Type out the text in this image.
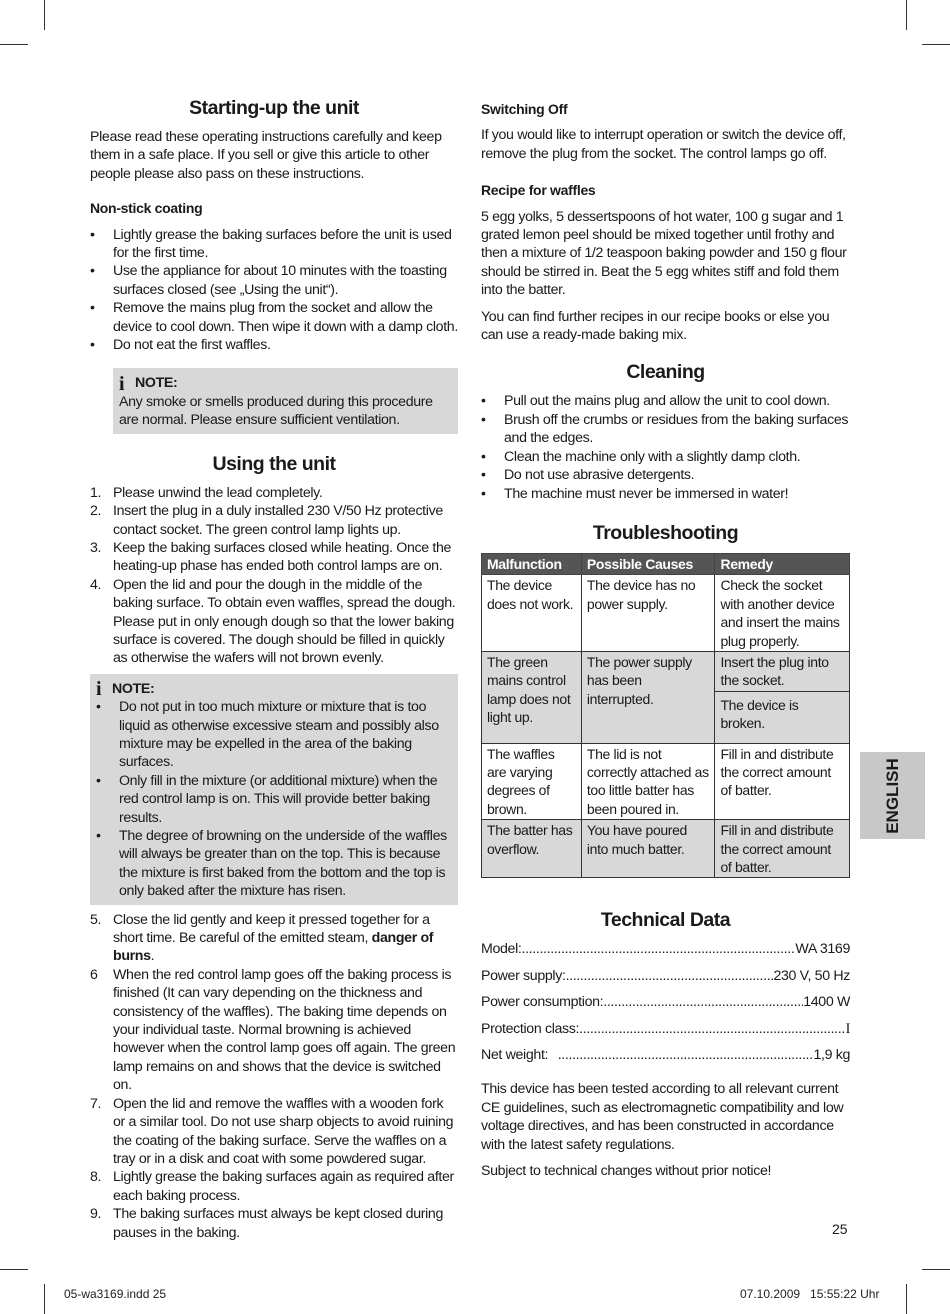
Starting-up the unit

Please read these operating instructions carefully and keep them in a safe place. If you sell or give this article to other people please also pass on these instructions.

Non-stick coating
• Lightly grease the baking surfaces before the unit is used for the first time.
• Use the appliance for about 10 minutes with the toasting surfaces closed (see „Using the unit“).
• Remove the mains plug from the socket and allow the device to cool down. Then wipe it down with a damp cloth.
• Do not eat the first waffles.
i NOTE:
Any smoke or smells produced during this procedure are normal. Please ensure sufficient ventilation.
Using the unit
1. Please unwind the lead completely.
2. Insert the plug in a duly installed 230 V/50 Hz protective contact socket. The green control lamp lights up.
3. Keep the baking surfaces closed while heating. Once the heating-up phase has ended both control lamps are on.
4. Open the lid and pour the dough in the middle of the baking surface. To obtain even waffles, spread the dough. Please put in only enough dough so that the lower baking surface is covered. The dough should be filled in quickly as otherwise the wafers will not brown evenly.
i NOTE:
• Do not put in too much mixture or mixture that is too liquid as otherwise excessive steam and possibly also mixture may be expelled in the area of the baking surfaces.
• Only fill in the mixture (or additional mixture) when the red control lamp is on. This will provide better baking results.
• The degree of browning on the underside of the waffles will always be greater than on the top. This is because the mixture is first baked from the bottom and the top is only baked after the mixture has risen.
5. Close the lid gently and keep it pressed together for a short time. Be careful of the emitted steam, danger of burns.
6 When the red control lamp goes off the baking process is finished (It can vary depending on the thickness and consistency of the waffles). The baking time depends on your individual taste. Normal browning is achieved however when the control lamp goes off again. The green lamp remains on and shows that the device is switched on.
7. Open the lid and remove the waffles with a wooden fork or a similar tool. Do not use sharp objects to avoid ruining the coating of the baking surface. Serve the waffles on a tray or in a disk and coat with some powdered sugar.
8. Lightly grease the baking surfaces again as required after each baking process.
9. The baking surfaces must always be kept closed during pauses in the baking.
Switching Off

If you would like to interrupt operation or switch the device off, remove the plug from the socket. The control lamps go off.

Recipe for waffles

5 egg yolks, 5 dessertspoons of hot water, 100 g sugar and 1 grated lemon peel should be mixed together until frothy and then a mixture of 1/2 teaspoon baking powder and 150 g flour should be stirred in. Beat the 5 egg whites stiff and fold them into the batter.

You can find further recipes in our recipe books or else you can use a ready-made baking mix.

Cleaning
• Pull out the mains plug and allow the unit to cool down.
• Brush off the crumbs or residues from the baking surfaces and the edges.
• Clean the machine only with a slightly damp cloth.
• Do not use abrasive detergents.
• The machine must never be immersed in water!
Troubleshooting
Malfunction	Possible Causes	Remedy
The device does not work.	The device has no power supply.	Check the socket with another device and insert the mains plug properly.
The green mains control lamp does not light up.	The power supply has been interrupted.	Insert the plug into the socket.
		The device is broken.
The waffles are varying degrees of brown.	The lid is not correctly attached as too little batter has been poured in.	Fill in and distribute the correct amount of batter.
The batter has overflow.	You have poured into much batter.	Fill in and distribute the correct amount of batter.
Technical Data
Model: .....	WA 3169
Power supply: .....	230 V, 50 Hz
Power consumption: .....	1400 W
Protection class: .....	I
Net weight: .....	1,9 kg

This device has been tested according to all relevant current CE guidelines, such as electromagnetic compatibility and low voltage directives, and has been constructed in accordance with the latest safety regulations.

Subject to technical changes without prior notice!

ENGLISH
25
05-wa3169.indd 25	07.10.2009   15:55:22 Uhr
